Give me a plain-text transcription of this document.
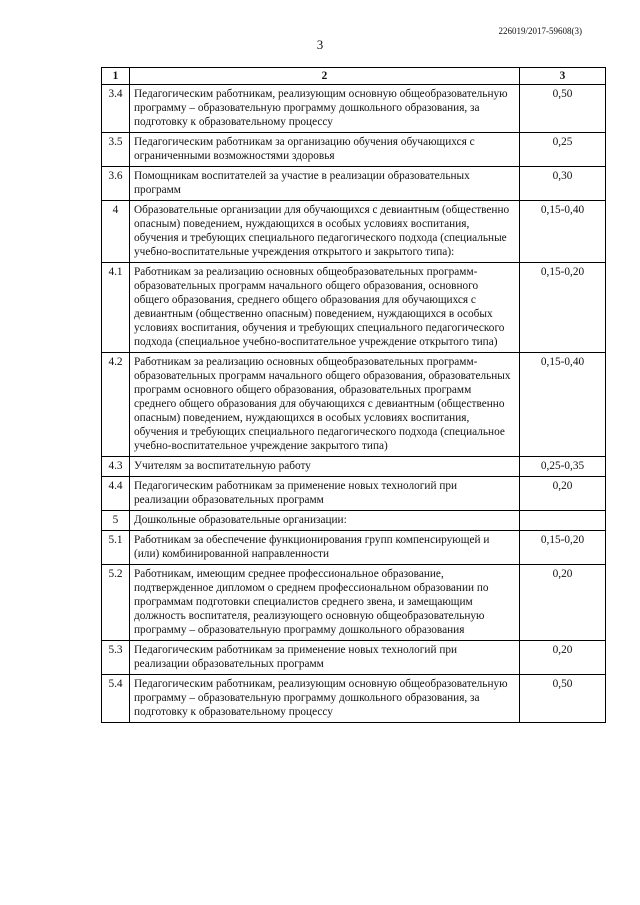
226019/2017-59608(3)
3
1	2	3
3.4	Педагогическим работникам, реализующим основную общеобразовательную программу – образовательную программу дошкольного образования, за подготовку к образовательному процессу	0,50
3.5	Педагогическим работникам за организацию обучения обучающихся с ограниченными возможностями здоровья	0,25
3.6	Помощникам воспитателей за участие в реализации образовательных программ	0,30
4	Образовательные организации для обучающихся с девиантным (общественно опасным) поведением, нуждающихся в особых условиях воспитания, обучения и требующих специального педагогического подхода (специальные учебно-воспитательные учреждения открытого и закрытого типа):	0,15-0,40
4.1	Работникам за реализацию основных общеобразовательных программ-образовательных программ начального общего образования, основного общего образования, среднего общего образования для обучающихся с девиантным (общественно опасным) поведением, нуждающихся в особых условиях воспитания, обучения и требующих специального педагогического подхода (специальное учебно-воспитательное учреждение открытого типа)	0,15-0,20
4.2	Работникам за реализацию основных общеобразовательных программ-образовательных программ начального общего образования, образовательных программ основного общего образования, образовательных программ среднего общего образования для обучающихся с девиантным (общественно опасным) поведением, нуждающихся в особых условиях воспитания, обучения и требующих специального педагогического подхода (специальное учебно-воспитательное учреждение закрытого типа)	0,15-0,40
4.3	Учителям за воспитательную работу	0,25-0,35
4.4	Педагогическим работникам за применение новых технологий при реализации образовательных программ	0,20
5	Дошкольные образовательные организации:	
5.1	Работникам за обеспечение функционирования групп компенсирующей и (или) комбинированной направленности	0,15-0,20
5.2	Работникам, имеющим среднее профессиональное образование, подтвержденное дипломом о среднем профессиональном образовании по программам подготовки специалистов среднего звена, и замещающим должность воспитателя, реализующего основную общеобразовательную программу – образовательную программу дошкольного образования	0,20
5.3	Педагогическим работникам за применение новых технологий при реализации образовательных программ	0,20
5.4	Педагогическим работникам, реализующим основную общеобразовательную программу – образовательную программу дошкольного образования, за подготовку к образовательному процессу	0,50
